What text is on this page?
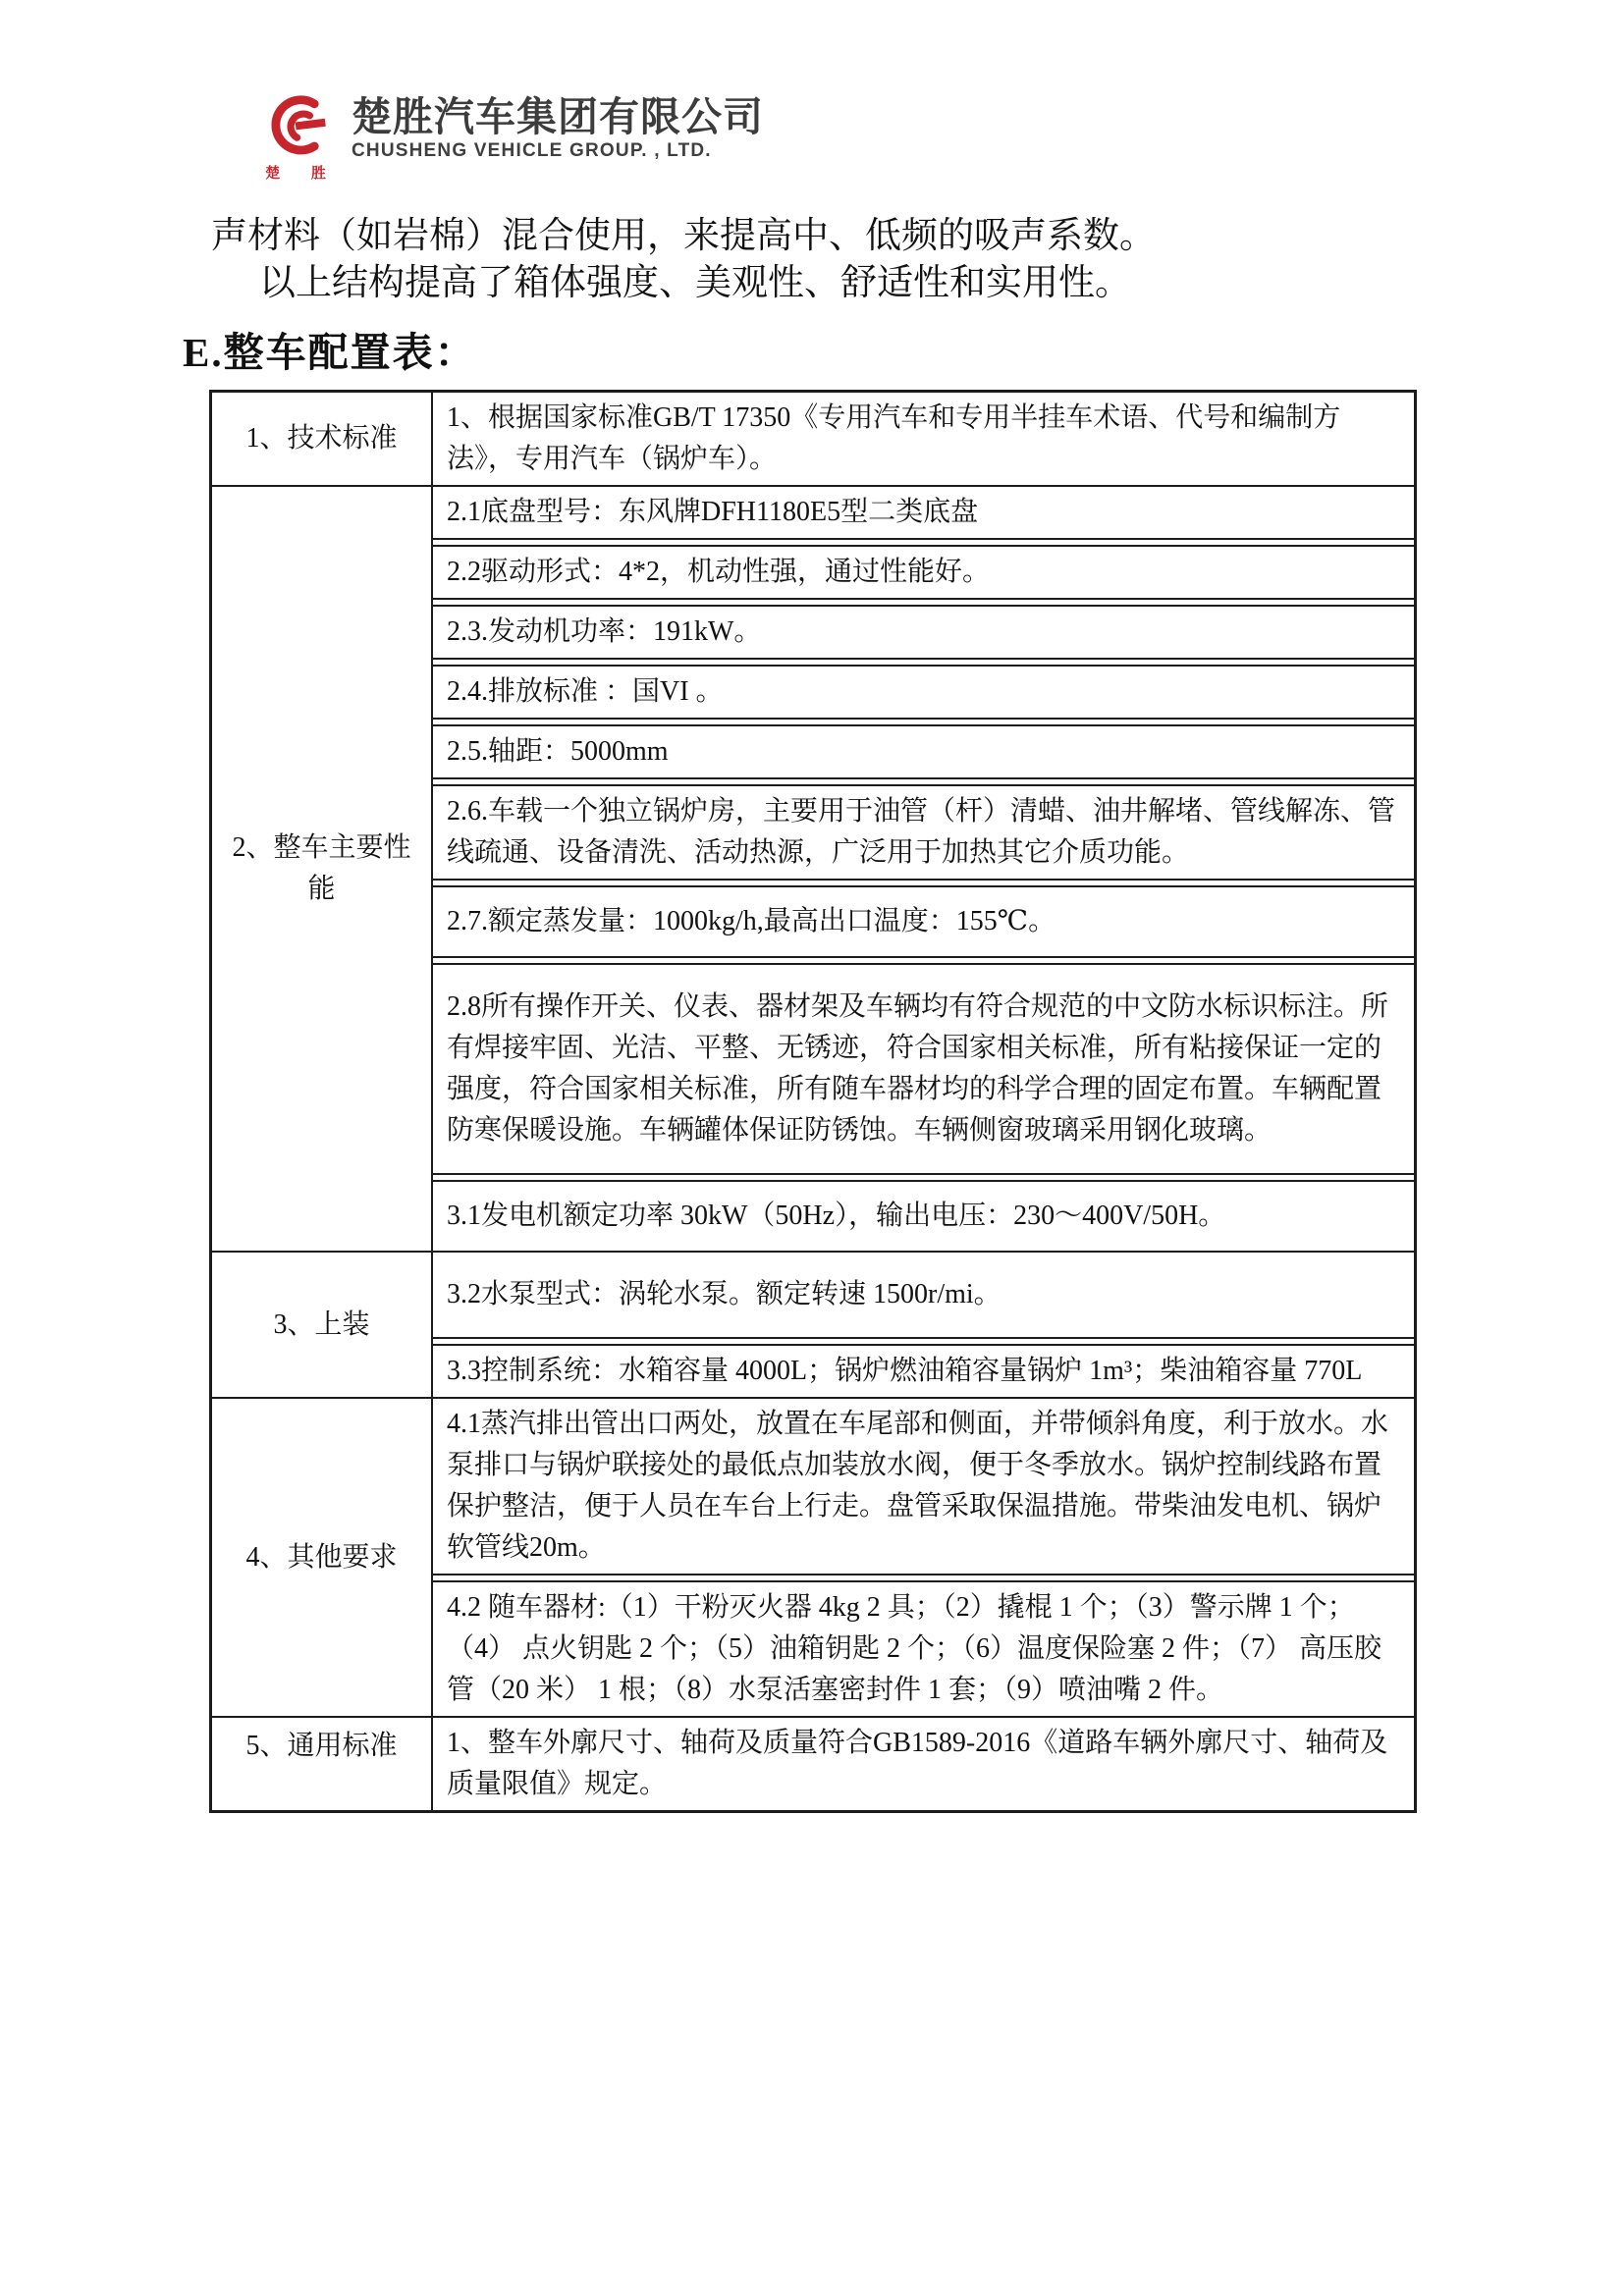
楚 胜
楚胜汽车集团有限公司
CHUSHENG VEHICLE GROUP. , LTD.
声材料（如岩棉）混合使用，来提高中、低频的吸声系数。
以上结构提高了箱体强度、美观性、舒适性和实用性。
E.整车配置表：
1、技术标准
1、根据国家标准GB/T 17350《专用汽车和专用半挂车术语、代号和编制方法》，专用汽车（锅炉车）。
2、整车主要性能
2.1底盘型号：东风牌DFH1180E5型二类底盘
2.2驱动形式：4*2，机动性强，通过性能好。
2.3.发动机功率：191kW。
2.4.排放标准 ：国VI 。
2.5.轴距：5000mm
2.6.车载一个独立锅炉房，主要用于油管（杆）清蜡、油井解堵、管线解冻、管线疏通、设备清洗、活动热源，广泛用于加热其它介质功能。
2.7.额定蒸发量：1000kg/h,最高出口温度：155℃。
2.8所有操作开关、仪表、器材架及车辆均有符合规范的中文防水标识标注。所有焊接牢固、光洁、平整、无锈迹，符合国家相关标准，所有粘接保证一定的强度，符合国家相关标准，所有随车器材均的科学合理的固定布置。车辆配置防寒保暖设施。车辆罐体保证防锈蚀。车辆侧窗玻璃采用钢化玻璃。
3.1发电机额定功率 30kW（50Hz），输出电压：230～400V/50H。
3、上装
3.2水泵型式：涡轮水泵。额定转速 1500r/mi。
3.3控制系统：水箱容量 4000L；锅炉燃油箱容量锅炉 1m³；柴油箱容量 770L
4、其他要求
4.1蒸汽排出管出口两处，放置在车尾部和侧面，并带倾斜角度，利于放水。水泵排口与锅炉联接处的最低点加装放水阀，便于冬季放水。锅炉控制线路布置保护整洁，便于人员在车台上行走。盘管采取保温措施。带柴油发电机、锅炉软管线20m。
4.2 随车器材:（1）干粉灭火器 4kg 2 具；（2）撬棍 1 个；（3）警示牌 1 个；（4） 点火钥匙 2 个；（5）油箱钥匙 2 个；（6）温度保险塞 2 件；（7） 高压胶管（20 米） 1 根；（8）水泵活塞密封件 1 套；（9）喷油嘴 2 件。
5、通用标准	1、整车外廓尺寸、轴荷及质量符合GB1589-2016《道路车辆外廓尺寸、轴荷及质量限值》规定。
